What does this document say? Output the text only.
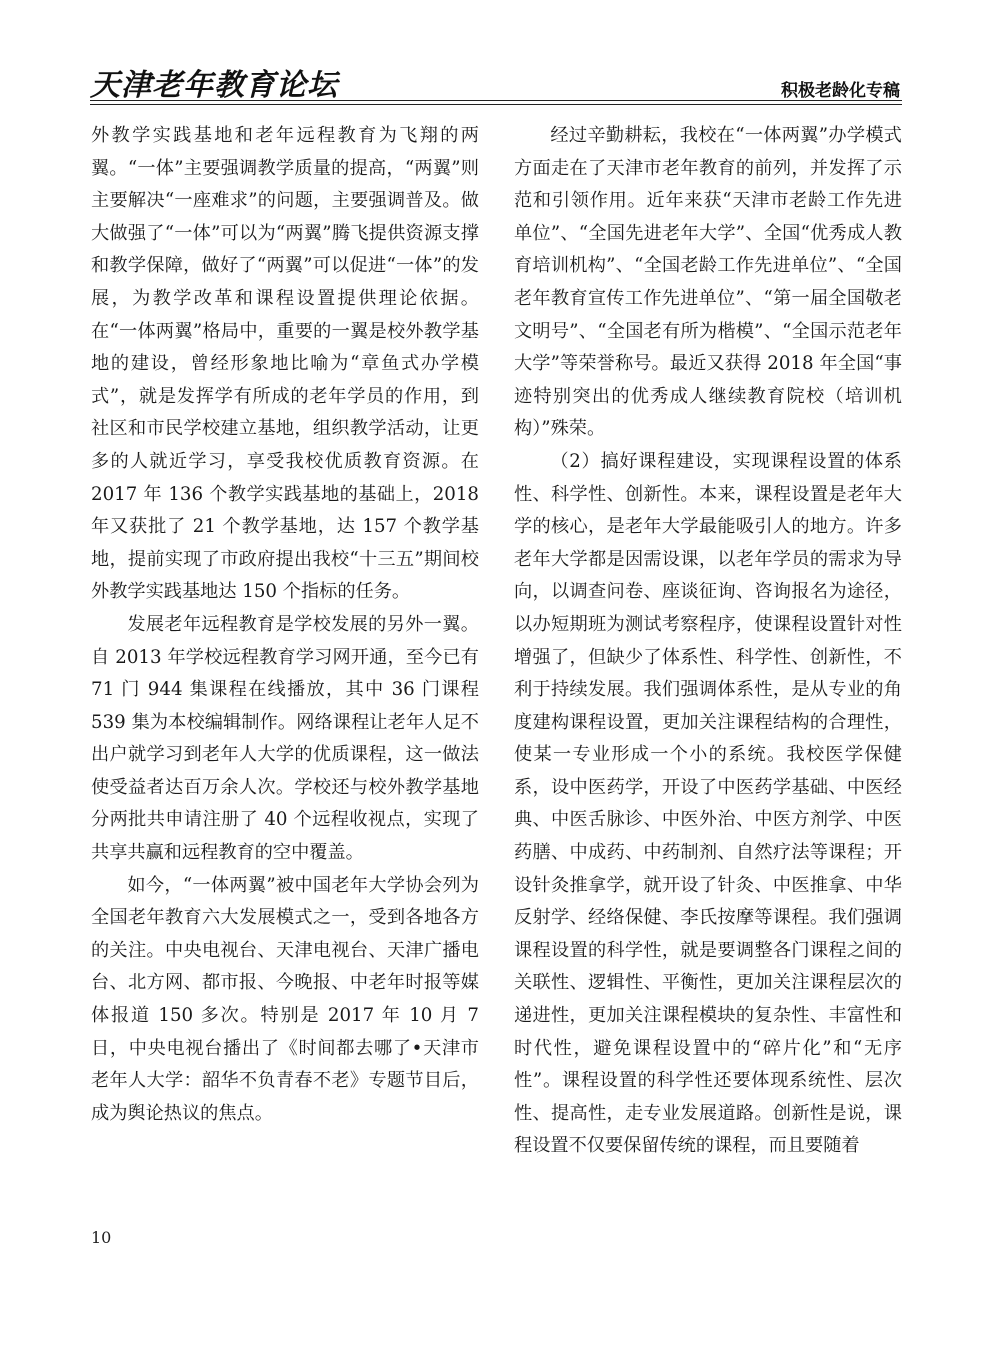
天津老年教育论坛	积极老龄化专稿

外教学实践基地和老年远程教育为飞翔的两翼。“一体”主要强调教学质量的提高，“两翼”则主要解决“一座难求”的问题，主要强调普及。做大做强了“一体”可以为“两翼”腾飞提供资源支撑和教学保障，做好了“两翼”可以促进“一体”的发展，为教学改革和课程设置提供理论依据。在“一体两翼”格局中，重要的一翼是校外教学基地的建设，曾经形象地比喻为“章鱼式办学模式”，就是发挥学有所成的老年学员的作用，到社区和市民学校建立基地，组织教学活动，让更多的人就近学习，享受我校优质教育资源。在 2017 年 136 个教学实践基地的基础上，2018 年又获批了 21 个教学基地，达 157 个教学基地，提前实现了市政府提出我校“十三五”期间校外教学实践基地达 150 个指标的任务。

发展老年远程教育是学校发展的另外一翼。自 2013 年学校远程教育学习网开通，至今已有 71 门 944 集课程在线播放，其中 36 门课程 539 集为本校编辑制作。网络课程让老年人足不出户就学习到老年人大学的优质课程，这一做法使受益者达百万余人次。学校还与校外教学基地分两批共申请注册了 40 个远程收视点，实现了共享共赢和远程教育的空中覆盖。

如今，“一体两翼”被中国老年大学协会列为全国老年教育六大发展模式之一，受到各地各方的关注。中央电视台、天津电视台、天津广播电台、北方网、都市报、今晚报、中老年时报等媒体报道 150 多次。特别是 2017 年 10 月 7 日，中央电视台播出了《时间都去哪了•天津市老年人大学：韶华不负青春不老》专题节目后，成为舆论热议的焦点。

经过辛勤耕耘，我校在“一体两翼”办学模式方面走在了天津市老年教育的前列，并发挥了示范和引领作用。近年来获“天津市老龄工作先进单位”、“全国先进老年大学”、全国“优秀成人教育培训机构”、“全国老龄工作先进单位”、“全国老年教育宣传工作先进单位”、“第一届全国敬老文明号”、“全国老有所为楷模”、“全国示范老年大学”等荣誉称号。最近又获得 2018 年全国“事迹特别突出的优秀成人继续教育院校（培训机构）”殊荣。

（2）搞好课程建设，实现课程设置的体系性、科学性、创新性。本来，课程设置是老年大学的核心，是老年大学最能吸引人的地方。许多老年大学都是因需设课，以老年学员的需求为导向，以调查问卷、座谈征询、咨询报名为途径，以办短期班为测试考察程序，使课程设置针对性增强了，但缺少了体系性、科学性、创新性，不利于持续发展。我们强调体系性，是从专业的角度建构课程设置，更加关注课程结构的合理性，使某一专业形成一个小的系统。我校医学保健系，设中医药学，开设了中医药学基础、中医经典、中医舌脉诊、中医外治、中医方剂学、中医药膳、中成药、中药制剂、自然疗法等课程；开设针灸推拿学，就开设了针灸、中医推拿、中华反射学、经络保健、李氏按摩等课程。我们强调课程设置的科学性，就是要调整各门课程之间的关联性、逻辑性、平衡性，更加关注课程层次的递进性，更加关注课程模块的复杂性、丰富性和时代性，避免课程设置中的“碎片化”和“无序性”。课程设置的科学性还要体现系统性、层次性、提高性，走专业发展道路。创新性是说，课程设置不仅要保留传统的课程，而且要随着

10
